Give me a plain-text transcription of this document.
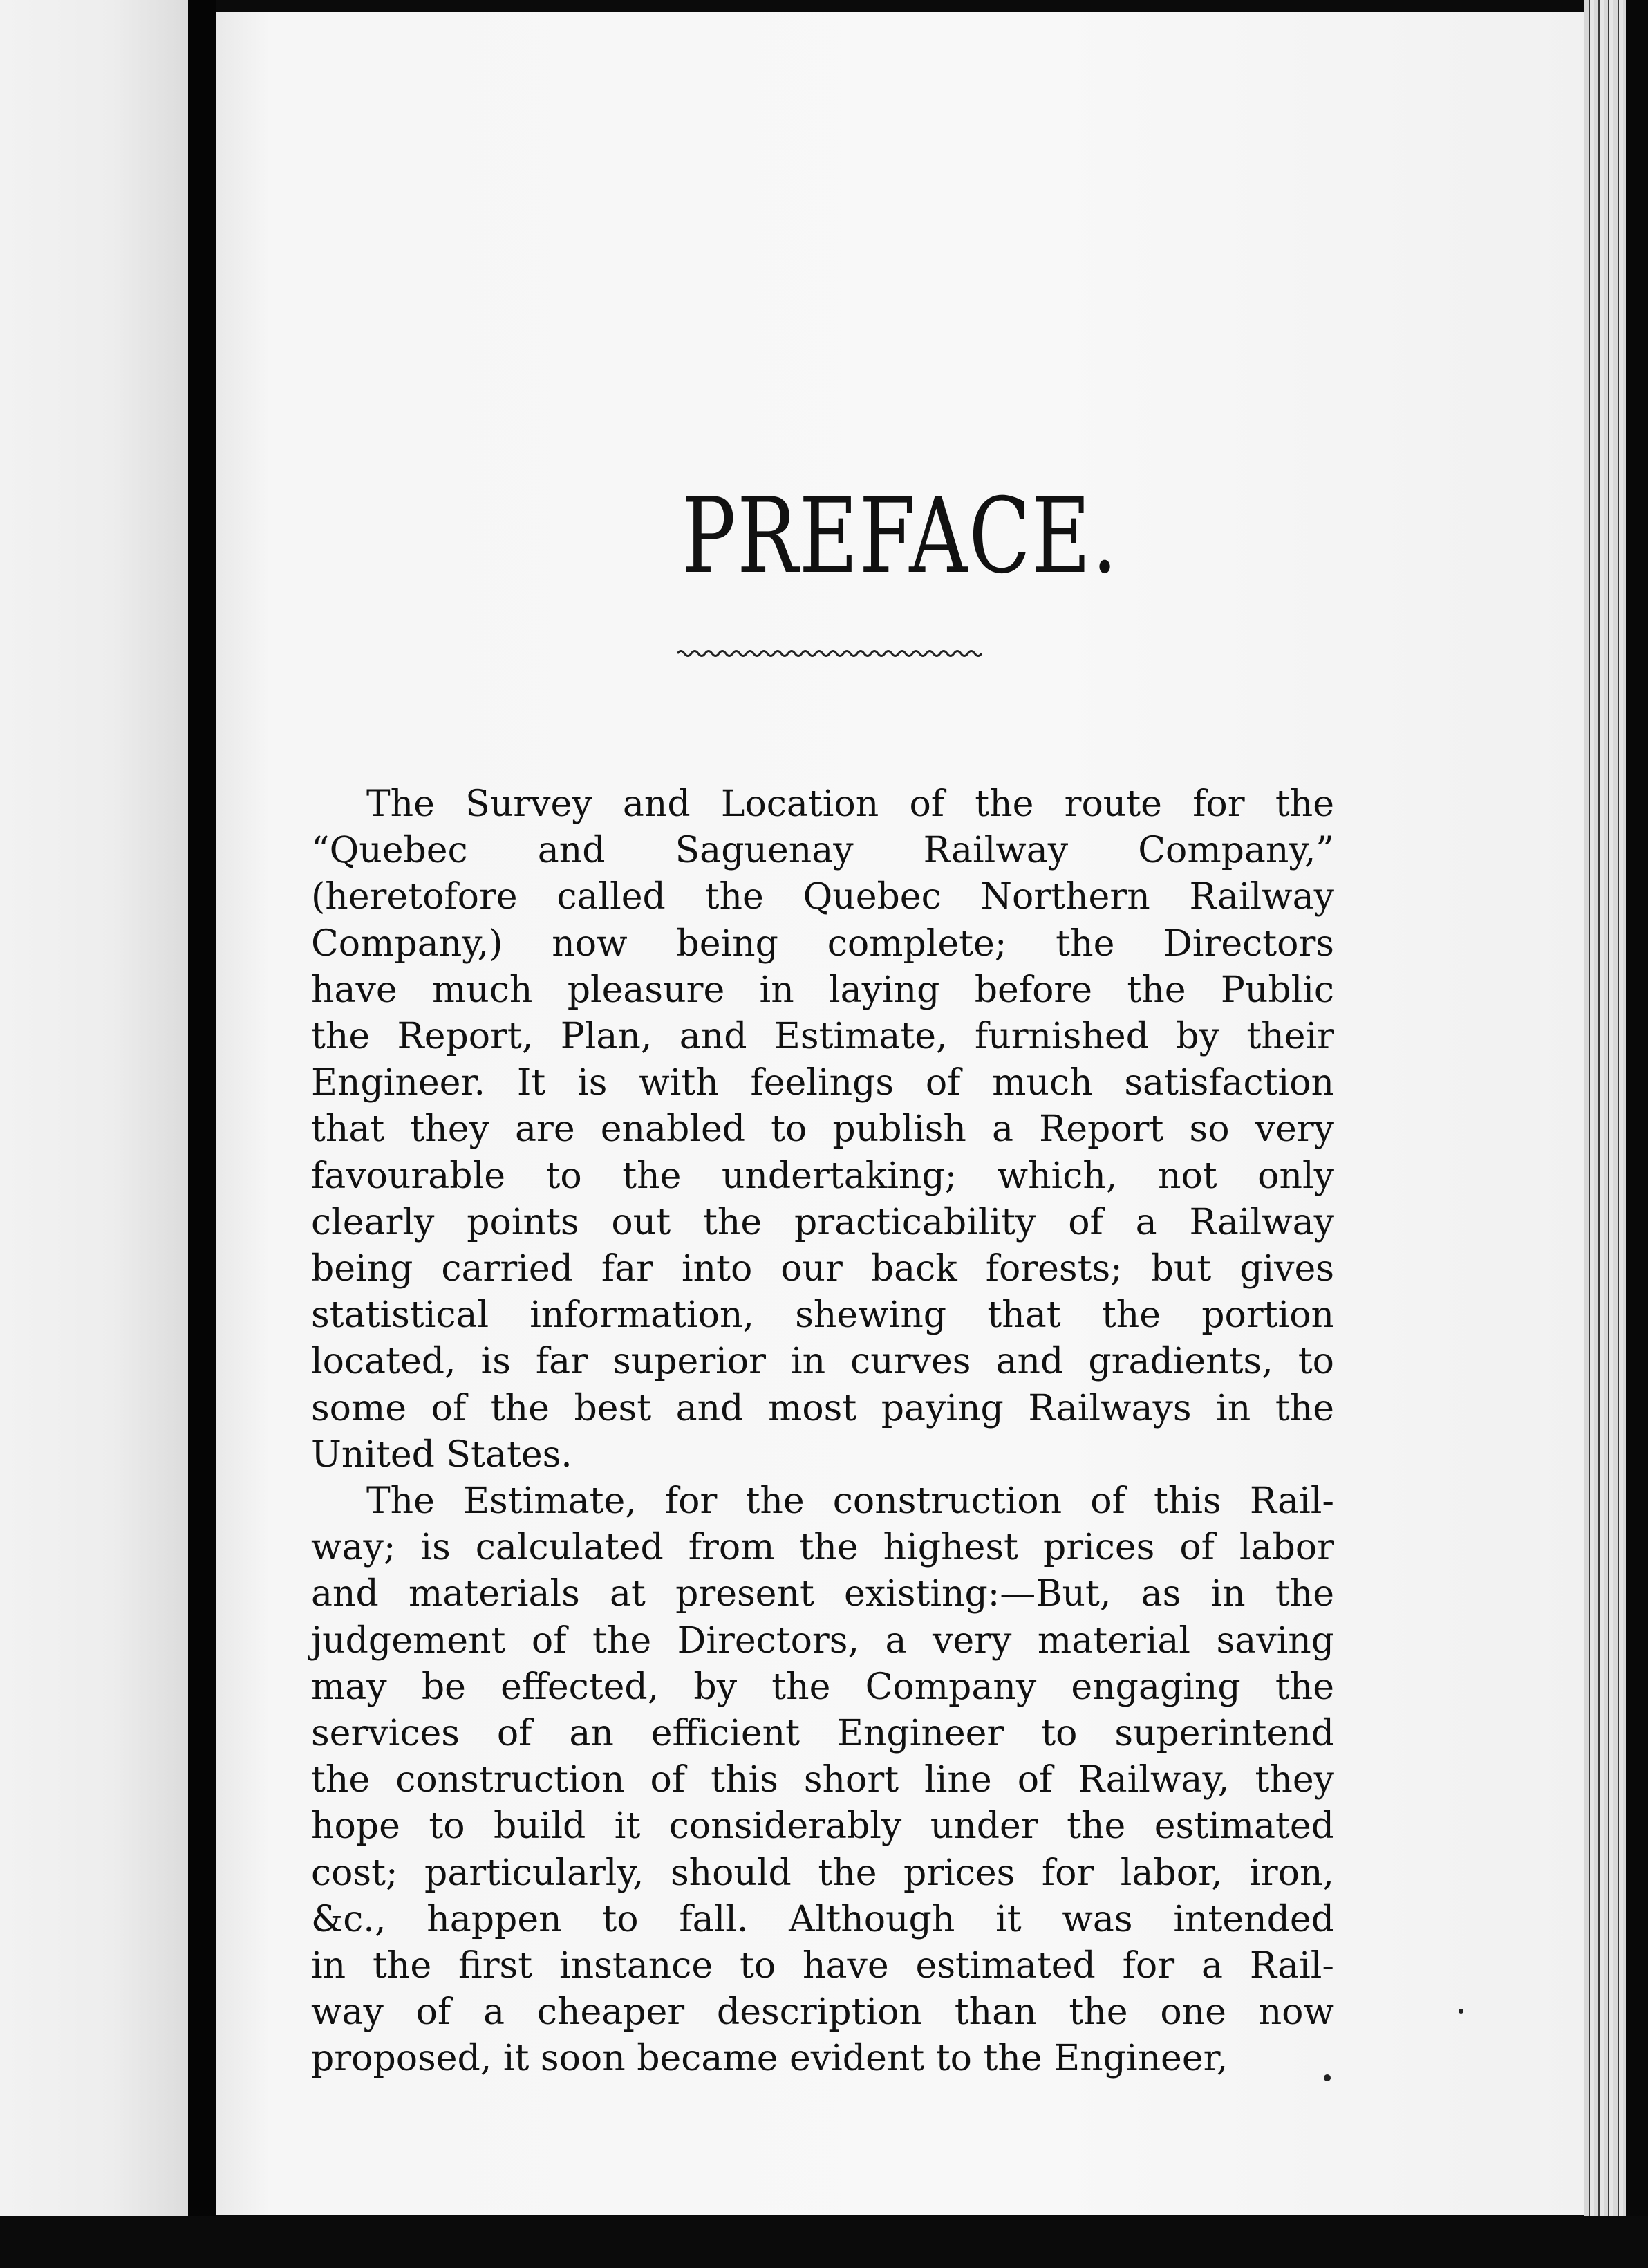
PREFACE.
The Survey and Location of the route for the
“Quebec and Saguenay Railway Company,”
(heretofore called the Quebec Northern Railway
Company,) now being complete; the Directors
have much pleasure in laying before the Public
the Report, Plan, and Estimate, furnished by their
Engineer. It is with feelings of much satisfaction
that they are enabled to publish a Report so very
favourable to the undertaking; which, not only
clearly points out the practicability of a Railway
being carried far into our back forests; but gives
statistical information, shewing that the portion
located, is far superior in curves and gradients, to
some of the best and most paying Railways in the
United States.
The Estimate, for the construction of this Rail-
way; is calculated from the highest prices of labor
and materials at present existing:—But, as in the
judgement of the Directors, a very material saving
may be effected, by the Company engaging the
services of an efficient Engineer to superintend
the construction of this short line of Railway, they
hope to build it considerably under the estimated
cost; particularly, should the prices for labor, iron,
&c., happen to fall. Although it was intended
in the first instance to have estimated for a Rail-
way of a cheaper description than the one now
proposed, it soon became evident to the Engineer,
